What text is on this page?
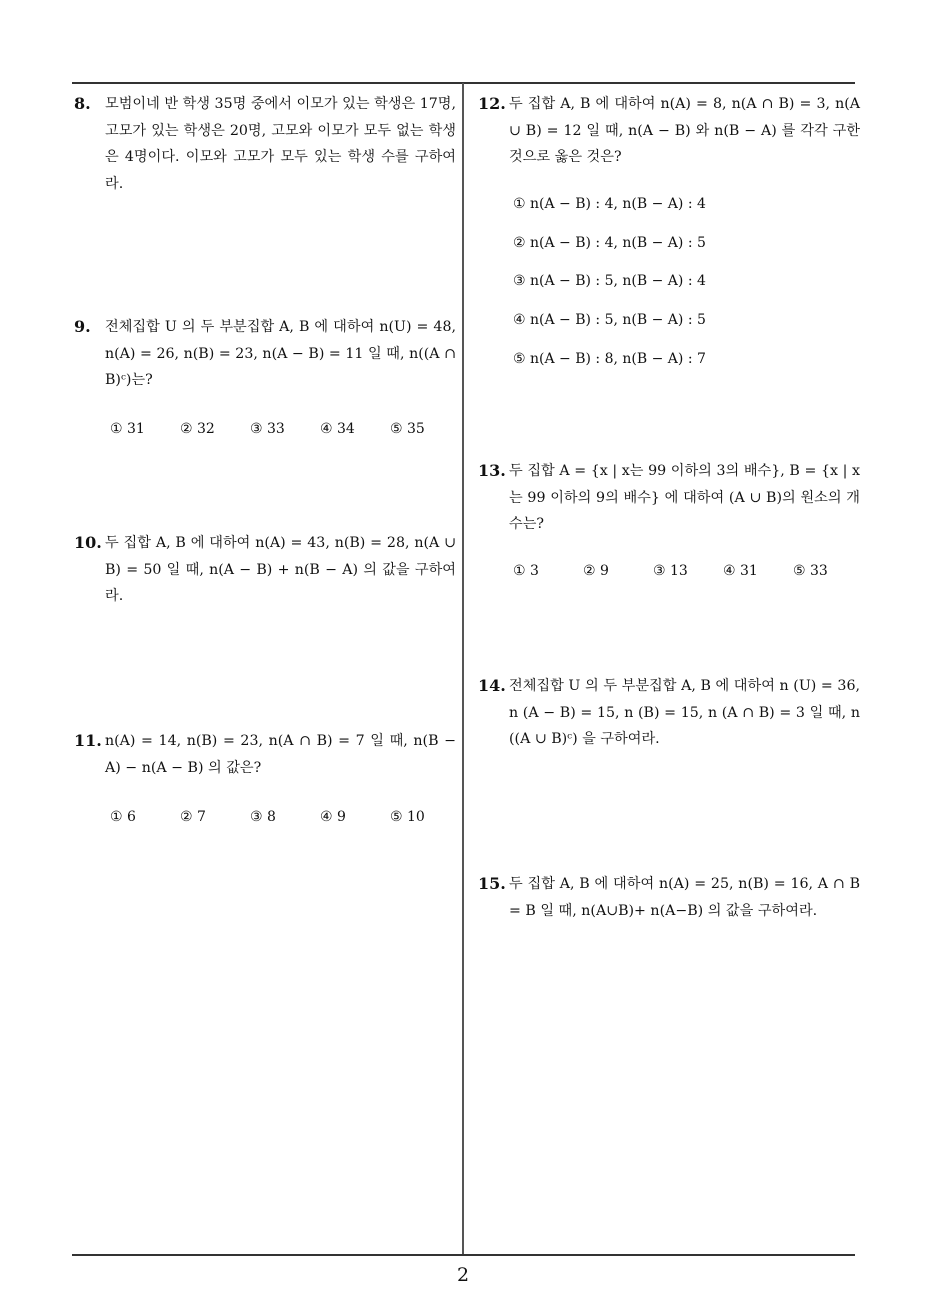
8. 모범이네 반 학생 35명 중에서 이모가 있는 학생은 17명, 고모가 있는 학생은 20명, 고모와 이모가 모두 없는 학생은 4명이다. 이모와 고모가 모두 있는 학생 수를 구하여라.

9. 전체집합 U 의 두 부분집합 A, B 에 대하여 n(U) = 48, n(A) = 26, n(B) = 23, n(A − B) = 11 일 때, n((A ∩ B)ᶜ)는?

① 31	② 32	③ 33	④ 34	⑤ 35
10. 두 집합 A, B 에 대하여 n(A) = 43, n(B) = 28, n(A ∪ B) = 50 일 때, n(A − B) + n(B − A) 의 값을 구하여라.

11. n(A) = 14, n(B) = 23, n(A ∩ B) = 7 일 때, n(B − A) − n(A − B) 의 값은?

① 6	② 7	③ 8	④ 9	⑤ 10
12. 두 집합 A, B 에 대하여 n(A) = 8, n(A ∩ B) = 3, n(A ∪ B) = 12 일 때, n(A − B) 와 n(B − A) 를 각각 구한 것으로 옳은 것은?

① n(A − B) : 4, n(B − A) : 4
② n(A − B) : 4, n(B − A) : 5
③ n(A − B) : 5, n(B − A) : 4
④ n(A − B) : 5, n(B − A) : 5
⑤ n(A − B) : 8, n(B − A) : 7
13. 두 집합 A = {x | x는 99 이하의 3의 배수}, B = {x | x는 99 이하의 9의 배수} 에 대하여 (A ∪ B)의 원소의 개수는?

① 3	② 9	③ 13	④ 31	⑤ 33
14. 전체집합 U 의 두 부분집합 A, B 에 대하여 n (U) = 36, n (A − B) = 15, n (B) = 15, n (A ∩ B) = 3 일 때, n ((A ∪ B)ᶜ) 을 구하여라.

15. 두 집합 A, B 에 대하여 n(A) = 25, n(B) = 16, A ∩ B = B 일 때, n(A∪B)+ n(A−B) 의 값을 구하여라.

2
